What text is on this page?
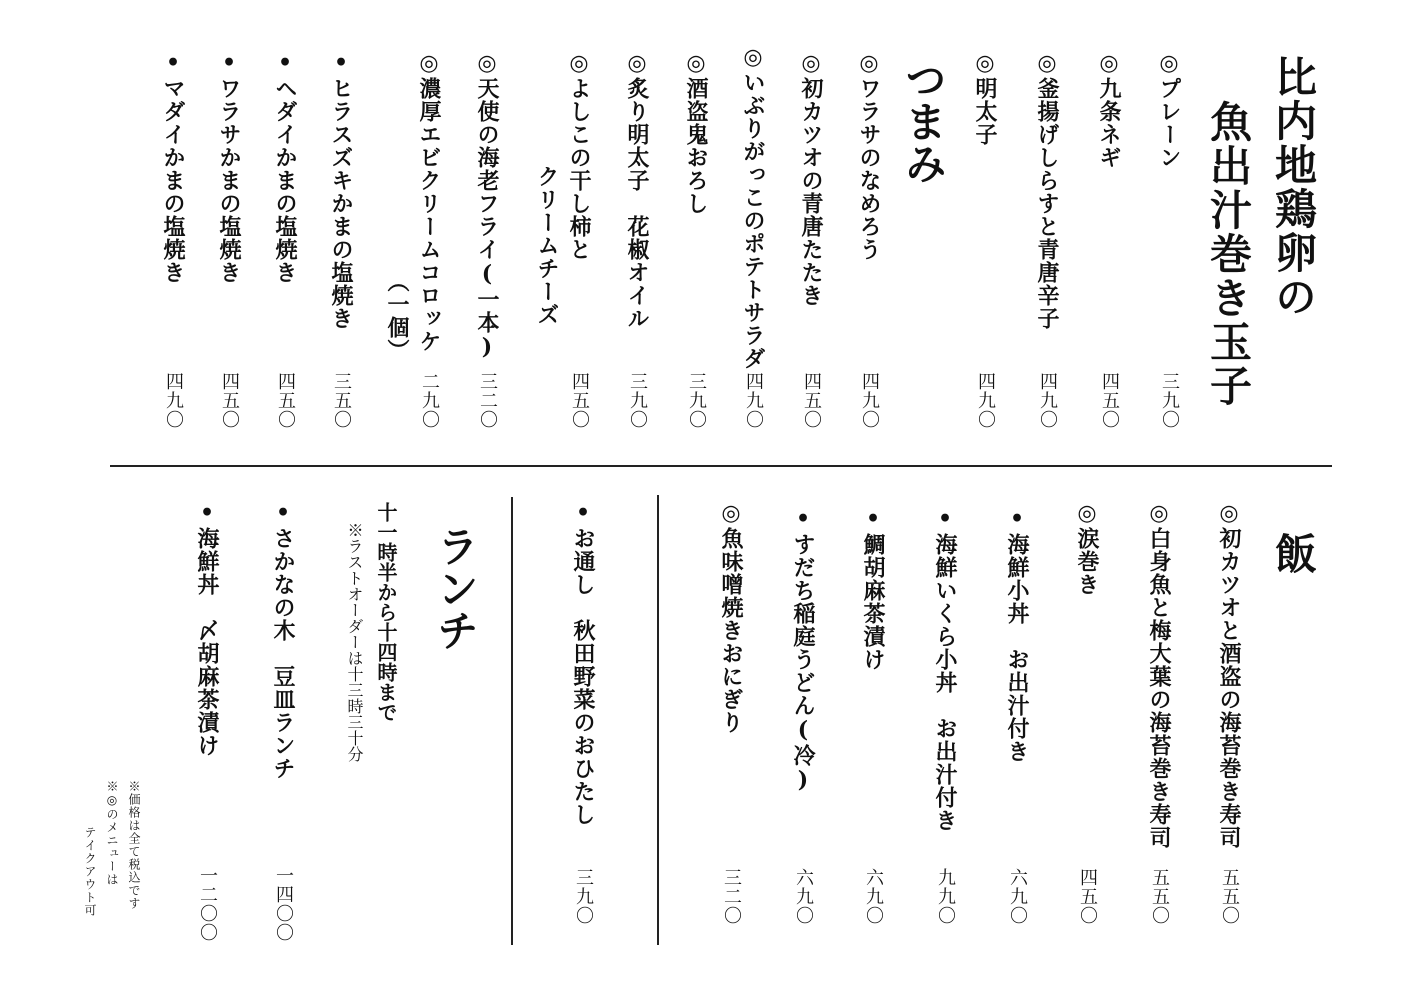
比内地鶏卵の
魚出汁巻き玉子
◎プレーン
三九〇
◎九条ネギ
四五〇
◎釜揚げしらすと青唐辛子
四九〇
◎明太子
四九〇
つまみ
◎ワラサのなめろう
四九〇
◎初カツオの青唐たたき
四五〇
◎いぶりがっこのポテトサラダ
四九〇
◎酒盗鬼おろし
三九〇
◎炙り明太子　花椒オイル
三九〇
◎よしこの干し柿と
クリームチーズ
四五〇
◎天使の海老フライ(一本)
三二〇
◎濃厚エビクリームコロッケ
（一個）
二九〇
•ヒラスズキかまの塩焼き
三五〇
•ヘダイかまの塩焼き
四五〇
•ワラサかまの塩焼き
四五〇
•マダイかまの塩焼き
四九〇
飯
◎初カツオと酒盗の海苔巻き寿司
五五〇
◎白身魚と梅大葉の海苔巻き寿司
五五〇
◎涙巻き
四五〇
•海鮮小丼　お出汁付き
六九〇
•海鮮いくら小丼　お出汁付き
九九〇
•鯛胡麻茶漬け
六九〇
•すだち稲庭うどん(冷)
六九〇
◎魚味噌焼きおにぎり
三二〇
•お通し　秋田野菜のおひたし
三九〇
ランチ
十一時半から十四時まで
※ラストオーダーは十三時三十分
•さかなの木　豆皿ランチ
一四〇〇
•海鮮丼　〆胡麻茶漬け
一二〇〇
※価格は全て税込です
※◎のメニューは
テイクアウト可
